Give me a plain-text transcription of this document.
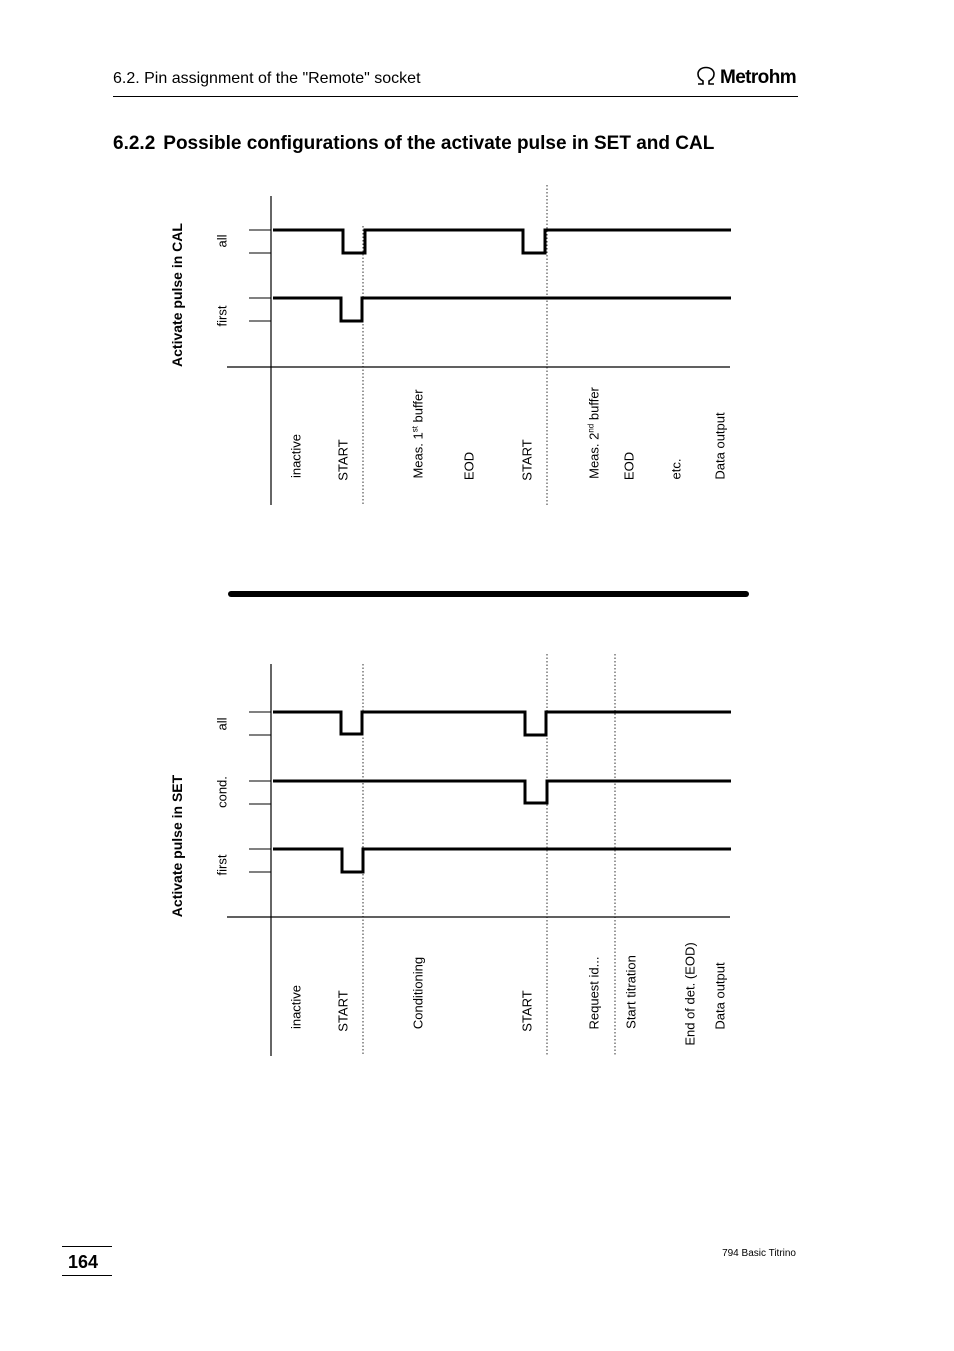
6.2. Pin assignment of the "Remote" socket	Metrohm
6.2.2 Possible configurations of the activate pulse in SET and CAL
Activate pulse in CAL all
first
inactive START	Meas. 1st buffer
EOD	START	Meas. 2nd buffer
EOD etc. Data output
Activate pulse in SET
all
cond.
first
inactive START	Conditioning	START	Request id... Start titration	End of det. (EOD) Data output
164	794 Basic Titrino
